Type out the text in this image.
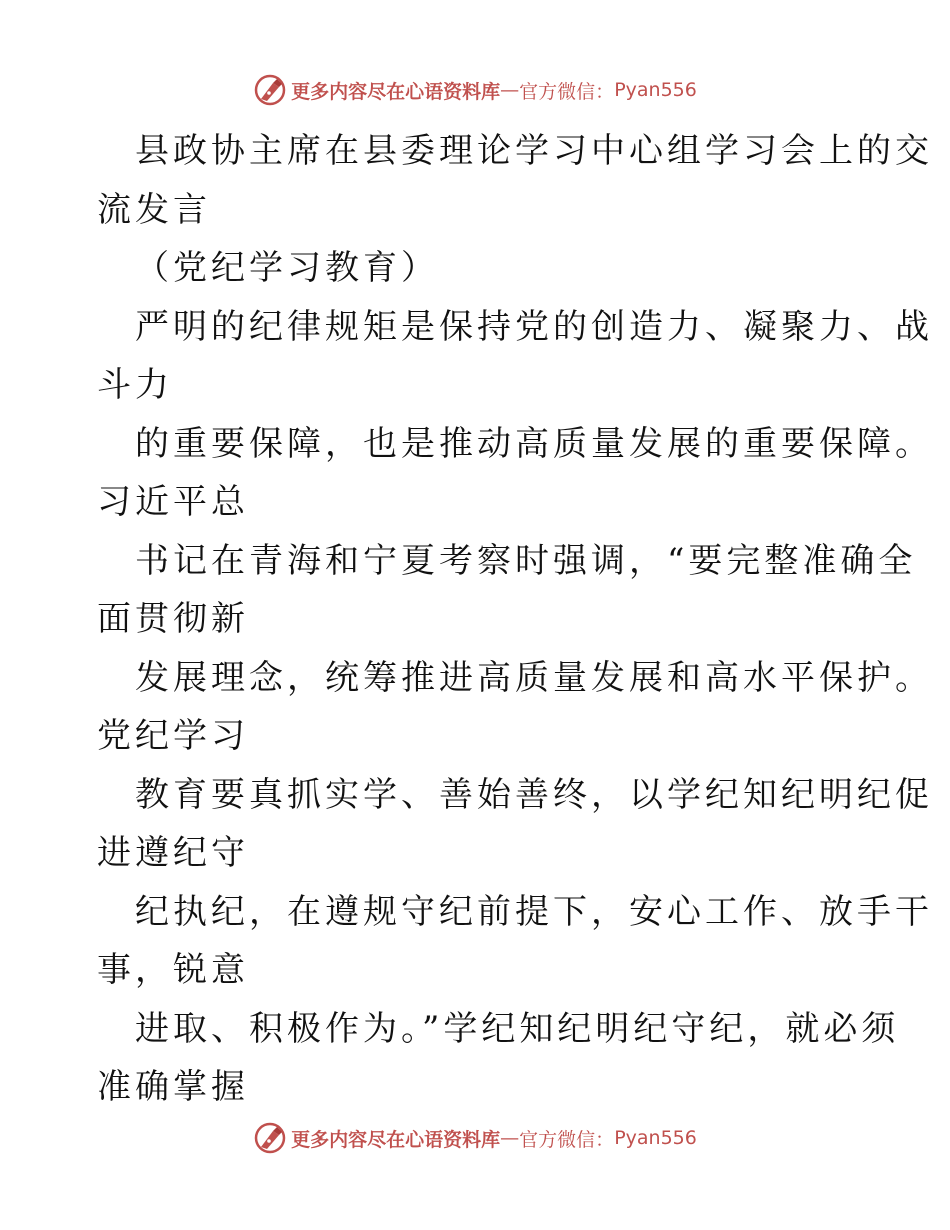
更多内容尽在心语资料库 — 官方微信： Pyan556
县政协主席在县委理论学习中心组学习会上的交
流发言
（党纪学习教育）
严明的纪律规矩是保持党的创造力、凝聚力、战
斗力
的重要保障，也是推动高质量发展的重要保障。
习近平总
书记在青海和宁夏考察时强调，“要完整准确全
面贯彻新
发展理念，统筹推进高质量发展和高水平保护。
党纪学习
教育要真抓实学、善始善终，以学纪知纪明纪促
进遵纪守
纪执纪，在遵规守纪前提下，安心工作、放手干
事，锐意
进取、积极作为。”学纪知纪明纪守纪，就必须
准确掌握
更多内容尽在心语资料库 — 官方微信： Pyan556
